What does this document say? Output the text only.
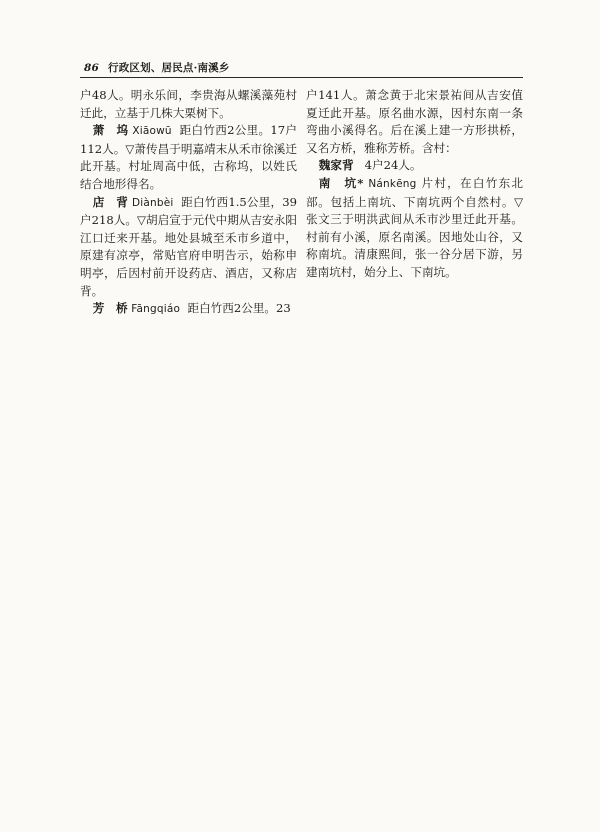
86 行政区划、居民点·南溪乡

户48人。明永乐间，李贵海从螺溪藻苑村迁此，立基于几株大栗树下。

萧　坞 Xiāowū 距白竹西2公里。17户112人。▽萧传昌于明嘉靖末从禾市徐溪迁此开基。村址周高中低，古称坞，以姓氏结合地形得名。

店　背 Diànbèi 距白竹西1.5公里，39户218人。▽胡启宣于元代中期从吉安永阳江口迁来开基。地处县城至禾市乡道中，原建有凉亭，常贴官府申明告示，始称申明亭，后因村前开设药店、酒店，又称店背。

芳　桥 Fāngqiáo 距白竹西2公里。23

户141人。萧念黄于北宋景祐间从吉安值夏迁此开基。原名曲水源，因村东南一条弯曲小溪得名。后在溪上建一方形拱桥，又名方桥，雅称芳桥。含村：

魏家背 4户24人。

南　坑* Nánkēng 片村，在白竹东北部。包括上南坑、下南坑两个自然村。▽张文三于明洪武间从禾市沙里迁此开基。村前有小溪，原名南溪。因地处山谷，又称南坑。清康熙间，张一谷分居下游，另建南坑村，始分上、下南坑。
